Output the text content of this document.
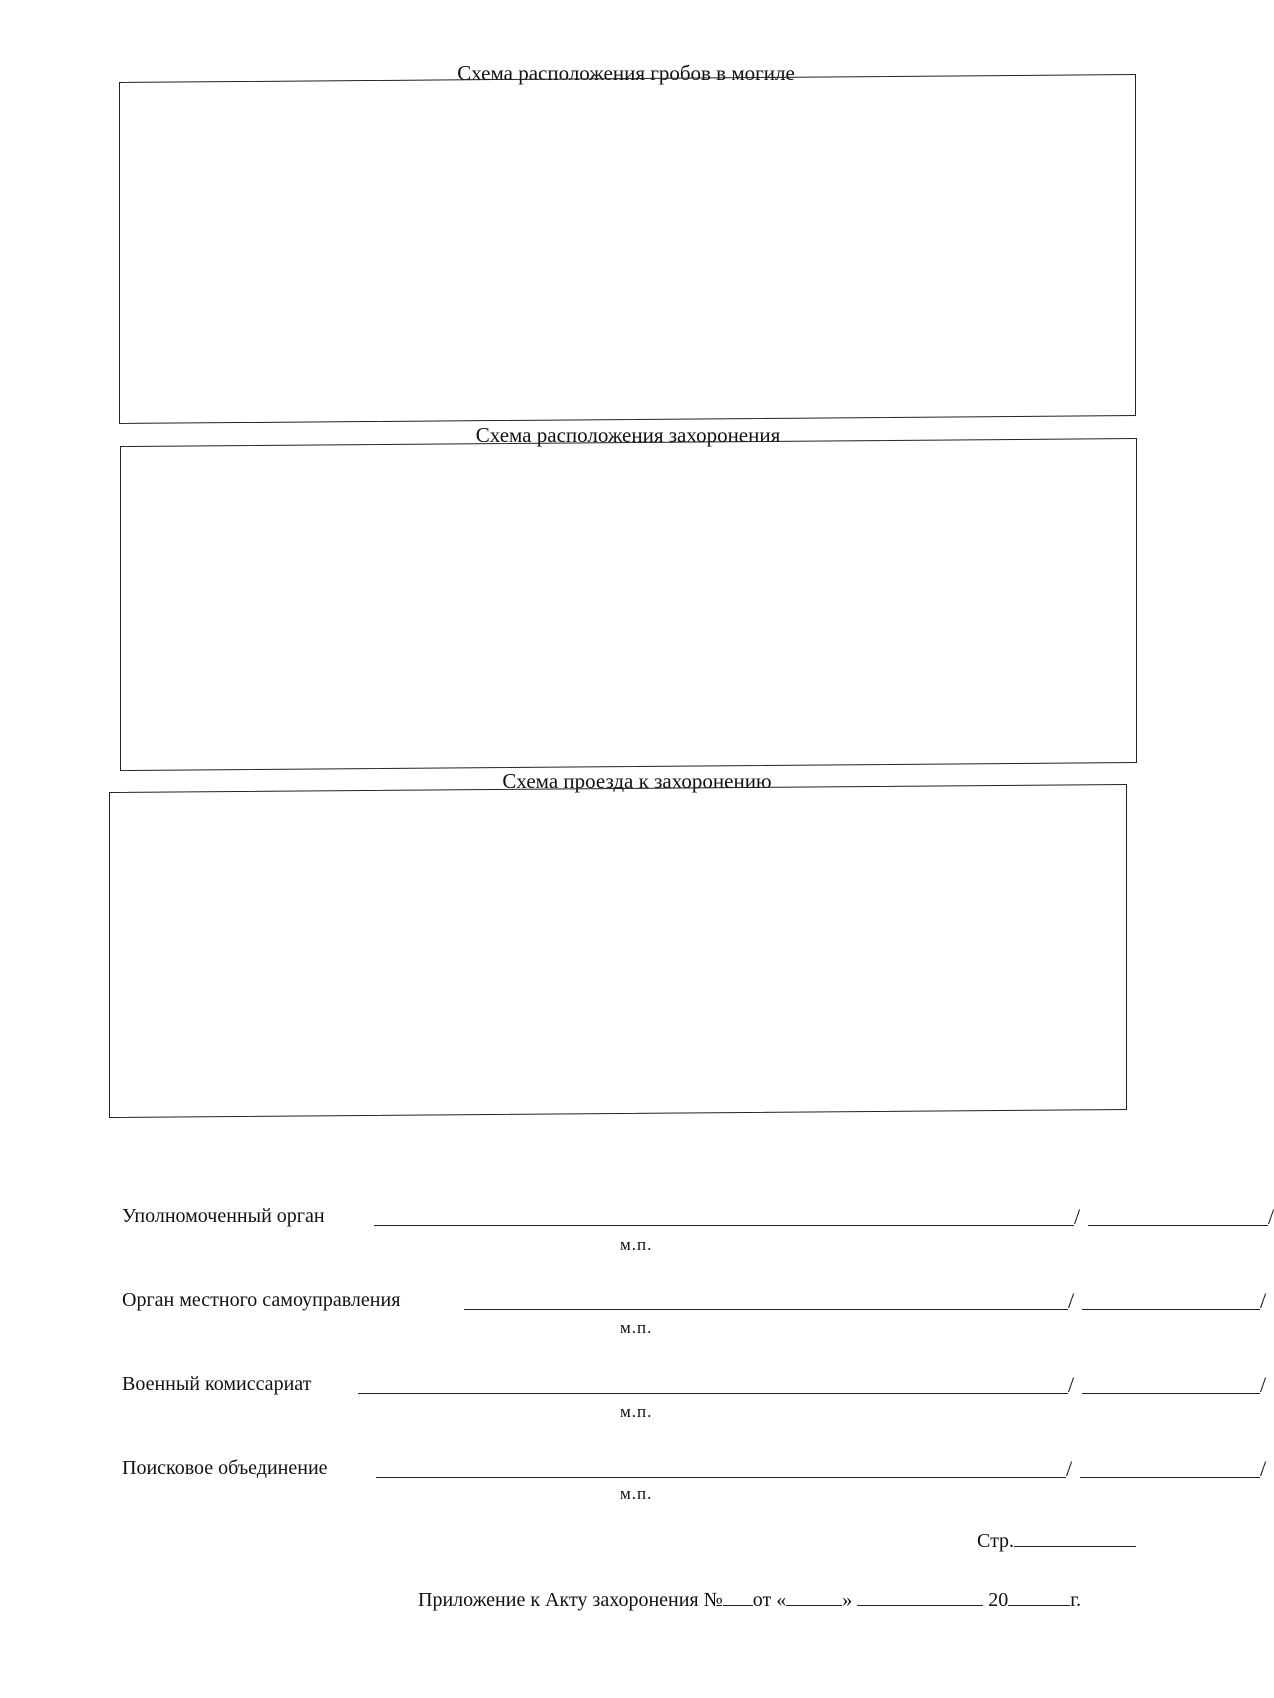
Схема расположения гробов в могиле
Схема расположения захоронения
Схема проезда к захоронению
Уполномоченный орган	/	/
м.п.
Орган местного самоуправления	/	/
м.п.
Военный комиссариат	/	/
м.п.
Поисковое объединение	/	/
м.п.
Стр.
Приложение к Акту захоронения № от «	»	20	г.
